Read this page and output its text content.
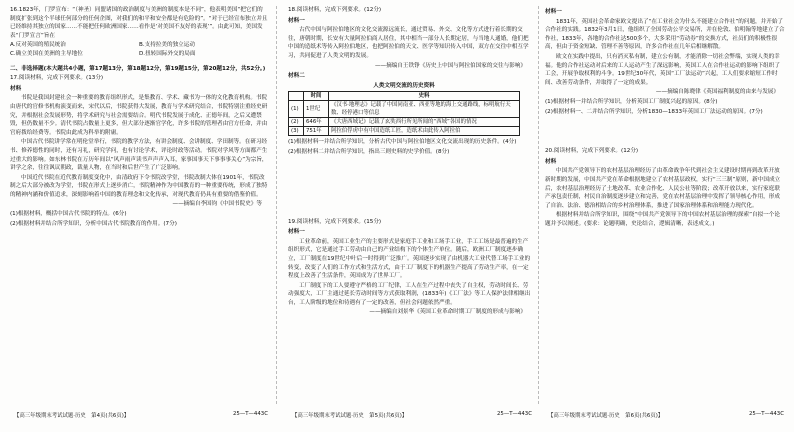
16.1823年，门罗宣布：“（神圣）同盟诸国的政治制度与美洲的制度本是不同”，他表明美国“把它们的制度扩张到这个半球任何部分的任何企图，对我们的和平和安全都是有危险的”。“对于已经宣布独立并且已经维持其独立的国家……不能把任何欧洲国家……看作是‘对美国不友好的表现’”。由此可知，美国发表“门罗宣言”旨在

A.反对英国的殖民统治	B.支持拉美的独立运动
C.确立美国在美洲的主导地位	D.扭转国际外交的局面

二、非选择题(本大题共4小题，第17题13分，第18题12分，第19题15分，第20题12分，共52分。)

17.阅读材料，完成下列要求。(13分)

材料

书院是我国封建社会一种重要的教育组织形式，是集教育、学术、藏书为一体的文化教育机构。书院由唐代的官修书机构演变而来，宋代以后，书院获得大发展，教育与学术研究结合，书院特别注重经史研究，并根据社会发展形势，将学术研究与社会需要结合。明代书院发展于成化、正德年间，之后又遭禁毁，但仍数量不少。清代书院占数量上更多，但大部分逐渐官学化，许多书院的管理者由官方任命，并由官府拨给经费等。书院由此成为科举的附庸。

中国古代书院讲学常在明伦堂举行，书院的教学方法，有讲会制度、会讲制度、学田制等。在研习经书、修养德性的同时，还有习礼，研究学问，也有讨论学术，评论时政等活动。书院对学风等方面都产生过重大的影响。如东林书院在万历年间以“风声雨声读书声声声入耳，家事国事天下事事事关心”为宗旨，讲学之余，往往讽议朝政，裁量人物，在当时和后世产生了广泛影响。

中国近代书院在近代教育制度变化中，由清政府下令书院改学堂，书院改制大体在1901年，书院改制之后大部分被改为学堂，书院在形式上逐步消亡，书院精神作为中国教育的一种重要传统，形成了独特的精神内涵和价值追求，深刻影响着中国的教育理念和文化传承，对现代教育仍具有重要的借鉴价值。

——摘编自李国钧《中国书院史》等

(1)根据材料，概括中国古代书院的特点。(6分)

(2)根据材料并结合所学知识，分析中国古代书院教育的作用。(7分)

18.阅读材料，完成下列要求。(12分)

材料一

古代中国与阿拉伯地区的文化交流源远流长，通过贸易、外交、文化等方式进行着长期的交往，唐朝时期，长安有大量阿拉伯商人居住，其中相当一部分人长期定居，与当地人通婚，他们把中国的造纸术等传入阿拉伯地区，也把阿拉伯的天文、医学等知识传入中国，双方在交往中相互学习，共同促进了人类文明的发展。

——摘编自王铁铮《历史上中国与阿拉伯国家的交往与影响》

材料二

人类文明交流的历史资料
	时间	史料
(1)	1世纪	《汉书·地理志》记载了中国同南亚、西亚等地的海上交通路线，标明航行天数、经停港口等信息
(2)	646年	《大唐西域记》记载了玄奘西行所见所闻的“西域”各国的情况
(3)	751年	阿拉伯俘虏中有中国造纸工匠，造纸术由此传入阿拉伯

(1)根据材料一并结合所学知识，分析古代中国与阿拉伯地区文化交流出现的历史条件。(4分)

(2)根据材料二并结合所学知识，指出三则史料的史学价值。(8分)

19.阅读材料，完成下列要求。(15分)

材料一

工业革命前，英国工业生产的主要形式是家庭手工业和工场手工业，手工工场是最普遍的生产组织形式，它是通过手工劳动由自己的产业结构下的个体生产单位。随后，欧洲工厂制度逐步确立，工厂制度在19世纪中叶后一时得到广泛推广。英国逐步实现了由机器大工业代替工场手工业的转变，改变了人们的工作方式和生活方式，由于工厂制度下的机器生产提高了劳动生产率，在一定程度上改善了生活条件，英国成为了世界工厂。

工厂制度下的工人要遵守严格的工厂纪律，工人在生产过程中丧失了自主权，劳动时间长、劳动强度大，工厂主通过延长劳动时间等方式获取利润，(1833年)《工厂法》等工人保护法律相继出台，工人阶级的地位和待遇有了一定的改善，但社会问题依然严重。

——摘编自刘景华《英国工业革命时期工厂制度的形成与影响》

材料一

1831年，英国社会革命家欧文提出了“在工业社会为什么不能建立合作社”的问题，并开始了合作社的实践。1832年3月1日，他组织了全国劳动公平交易所，并在伦敦、伯明翰等地建立了合作社，1833年，各地的合作社达500多个，大多采用“劳动券”的交换方式，社员们的积极性很高，但由于资金短缺、管理不善等原因，许多合作社在几年后相继解散。

欧文在实践中提出，只有消灭私有制，建立公有制，才能消除一切社会弊端，实现人类的幸福。他的合作社运动对后来的工人运动产生了深远影响，英国工人在合作社运动的影响下组织了工会，开展争取权利的斗争。19世纪30年代，英国“工厂法运动”兴起，工人们要求缩短工作时间、改善劳动条件，并取得了一定的成果。

——摘编自陈晓律《英国福利制度的由来与发展》

(1)根据材料一并结合所学知识，分析英国工厂制度兴起的原因。(8分)

(2)根据材料一、二并结合所学知识，分析1830—1833年英国工厂法运动的原因。(7分)

20.阅读材料，完成下列要求。(12分)

材料

中国共产党领导下的农村基层治理经历了由革命战争年代到社会主义建设时期再到改革开放新时期的发展，中国共产党在革命根据地建立了农村基层政权，实行“三三制”原则，新中国成立后，农村基层治理经历了土地改革、农业合作化、人民公社等阶段；改革开放以来，实行家庭联产承包责任制，村民自治制度逐步建立和完善，党在农村基层治理中发挥了领导核心作用，形成了自治、法治、德治相结合的乡村治理体系，推进了国家治理体系和治理能力现代化。

根据材料并结合所学知识，围绕“中国共产党领导下的中国农村基层治理的探索”自拟一个论题并予以阐述。(要求：论题明确，史论结合，逻辑清晰，表述成文。)

【高三年级期末考试试题·历史　第4页(共6页)】	25—T—443C	【高三年级期末考试试题·历史　第5页(共6页)】	25—T—443C	【高三年级期末考试试题·历史　第6页(共6页)】	25—T—443C
